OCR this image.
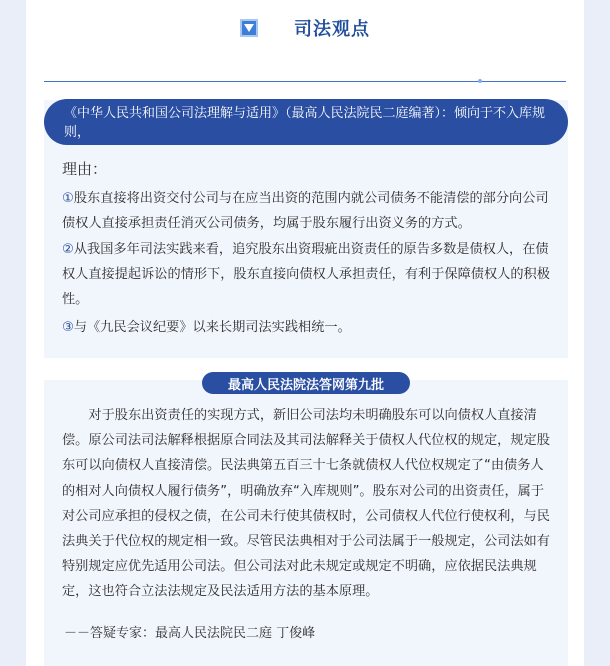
司法观点
《中华人民共和国公司法理解与适用》（最高人民法院民二庭编著）：倾向于不入库规则，
理由：
①股东直接将出资交付公司与在应当出资的范围内就公司债务不能清偿的部分向公司债权人直接承担责任消灭公司债务，均属于股东履行出资义务的方式。
②从我国多年司法实践来看，追究股东出资瑕疵出资责任的原告多数是债权人，在债权人直接提起诉讼的情形下，股东直接向债权人承担责任，有利于保障债权人的积极性。
③与《九民会议纪要》以来长期司法实践相统一。
最高人民法院法答网第九批
对于股东出资责任的实现方式，新旧公司法均未明确股东可以向债权人直接清偿。原公司法司法解释根据原合同法及其司法解释关于债权人代位权的规定，规定股东可以向债权人直接清偿。民法典第五百三十七条就债权人代位权规定了“由债务人的相对人向债权人履行债务”，明确放弃“入库规则”。股东对公司的出资责任，属于对公司应承担的侵权之债，在公司未行使其债权时，公司债权人代位行使权利，与民法典关于代位权的规定相一致。尽管民法典相对于公司法属于一般规定，公司法如有特别规定应优先适用公司法。但公司法对此未规定或规定不明确，应依据民法典规定，这也符合立法法规定及民法适用方法的基本原理。
－－答疑专家：最高人民法院民二庭 丁俊峰
